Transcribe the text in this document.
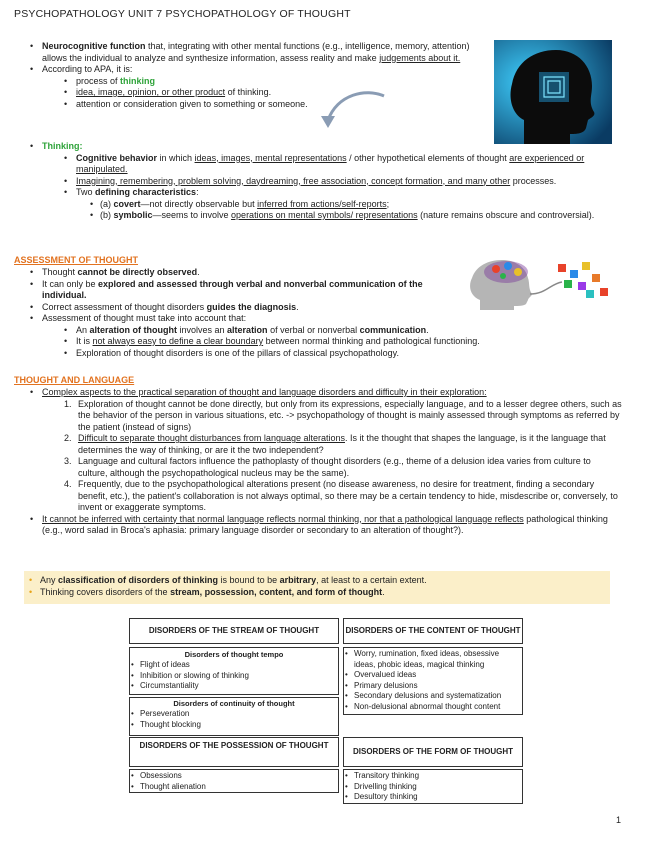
PSYCHOPATHOLOGY UNIT 7 PSYCHOPATHOLOGY OF THOUGHT
• Neurocognitive function that, integrating with other mental functions (e.g., intelligence, memory, attention) allows the individual to analyze and synthesize information, assess reality and make judgements about it.
• According to APA, it is:
• process of thinking
• idea, image, opinion, or other product of thinking.
• attention or consideration given to something or someone.
• Thinking:
• Cognitive behavior in which ideas, images, mental representations / other hypothetical elements of thought are experienced or manipulated.
• Imagining, remembering, problem solving, daydreaming, free association, concept formation, and many other processes.
• Two defining characteristics:
• (a) covert—not directly observable but inferred from actions/self-reports;
• (b) symbolic—seems to involve operations on mental symbols/ representations (nature remains obscure and controversial).
ASSESSMENT OF THOUGHT
• Thought cannot be directly observed.
• It can only be explored and assessed through verbal and nonverbal communication of the individual.
• Correct assessment of thought disorders guides the diagnosis.
• Assessment of thought must take into account that:
• An alteration of thought involves an alteration of verbal or nonverbal communication.
• It is not always easy to define a clear boundary between normal thinking and pathological functioning.
• Exploration of thought disorders is one of the pillars of classical psychopathology.
THOUGHT AND LANGUAGE
• Complex aspects to the practical separation of thought and language disorders and difficulty in their exploration:
1. Exploration of thought cannot be done directly, but only from its expressions, especially language, and to a lesser degree others, such as the behavior of the person in various situations, etc. -> psychopathology of thought is mainly assessed through symptoms as referred by the patient (instead of signs)
2. Difficult to separate thought disturbances from language alterations. Is it the thought that shapes the language, is it the language that determines the way of thinking, or are it the two independent?
3. Language and cultural factors influence the pathoplasty of thought disorders (e.g., theme of a delusion idea varies from culture to culture, although the psychopathological nucleus may be the same).
4. Frequently, due to the psychopathological alterations present (no disease awareness, no desire for treatment, finding a secondary benefit, etc.), the patient's collaboration is not always optimal, so there may be a certain tendency to hide, misdescribe or, conversely, to invent or exaggerate symptoms.
• It cannot be inferred with certainty that normal language reflects normal thinking, nor that a pathological language reflects pathological thinking (e.g., word salad in Broca's aphasia: primary language disorder or secondary to an alteration of thought?).
• Any classification of disorders of thinking is bound to be arbitrary, at least to a certain extent.
• Thinking covers disorders of the stream, possession, content, and form of thought.
DISORDERS OF THE STREAM OF THOUGHT
Disorders of thought tempo
• Flight of ideas
• Inhibition or slowing of thinking
• Circumstantiality
Disorders of continuity of thought
• Perseveration
• Thought blocking
DISORDERS OF THE POSSESSION OF THOUGHT
• Obsessions
• Thought alienation
DISORDERS OF THE CONTENT OF THOUGHT
• Worry, rumination, fixed ideas, obsessive ideas, phobic ideas, magical thinking
• Overvalued ideas
• Primary delusions
• Secondary delusions and systematization
• Non-delusional abnormal thought content
DISORDERS OF THE FORM OF THOUGHT
• Transitory thinking
• Drivelling thinking
• Desultory thinking
1
